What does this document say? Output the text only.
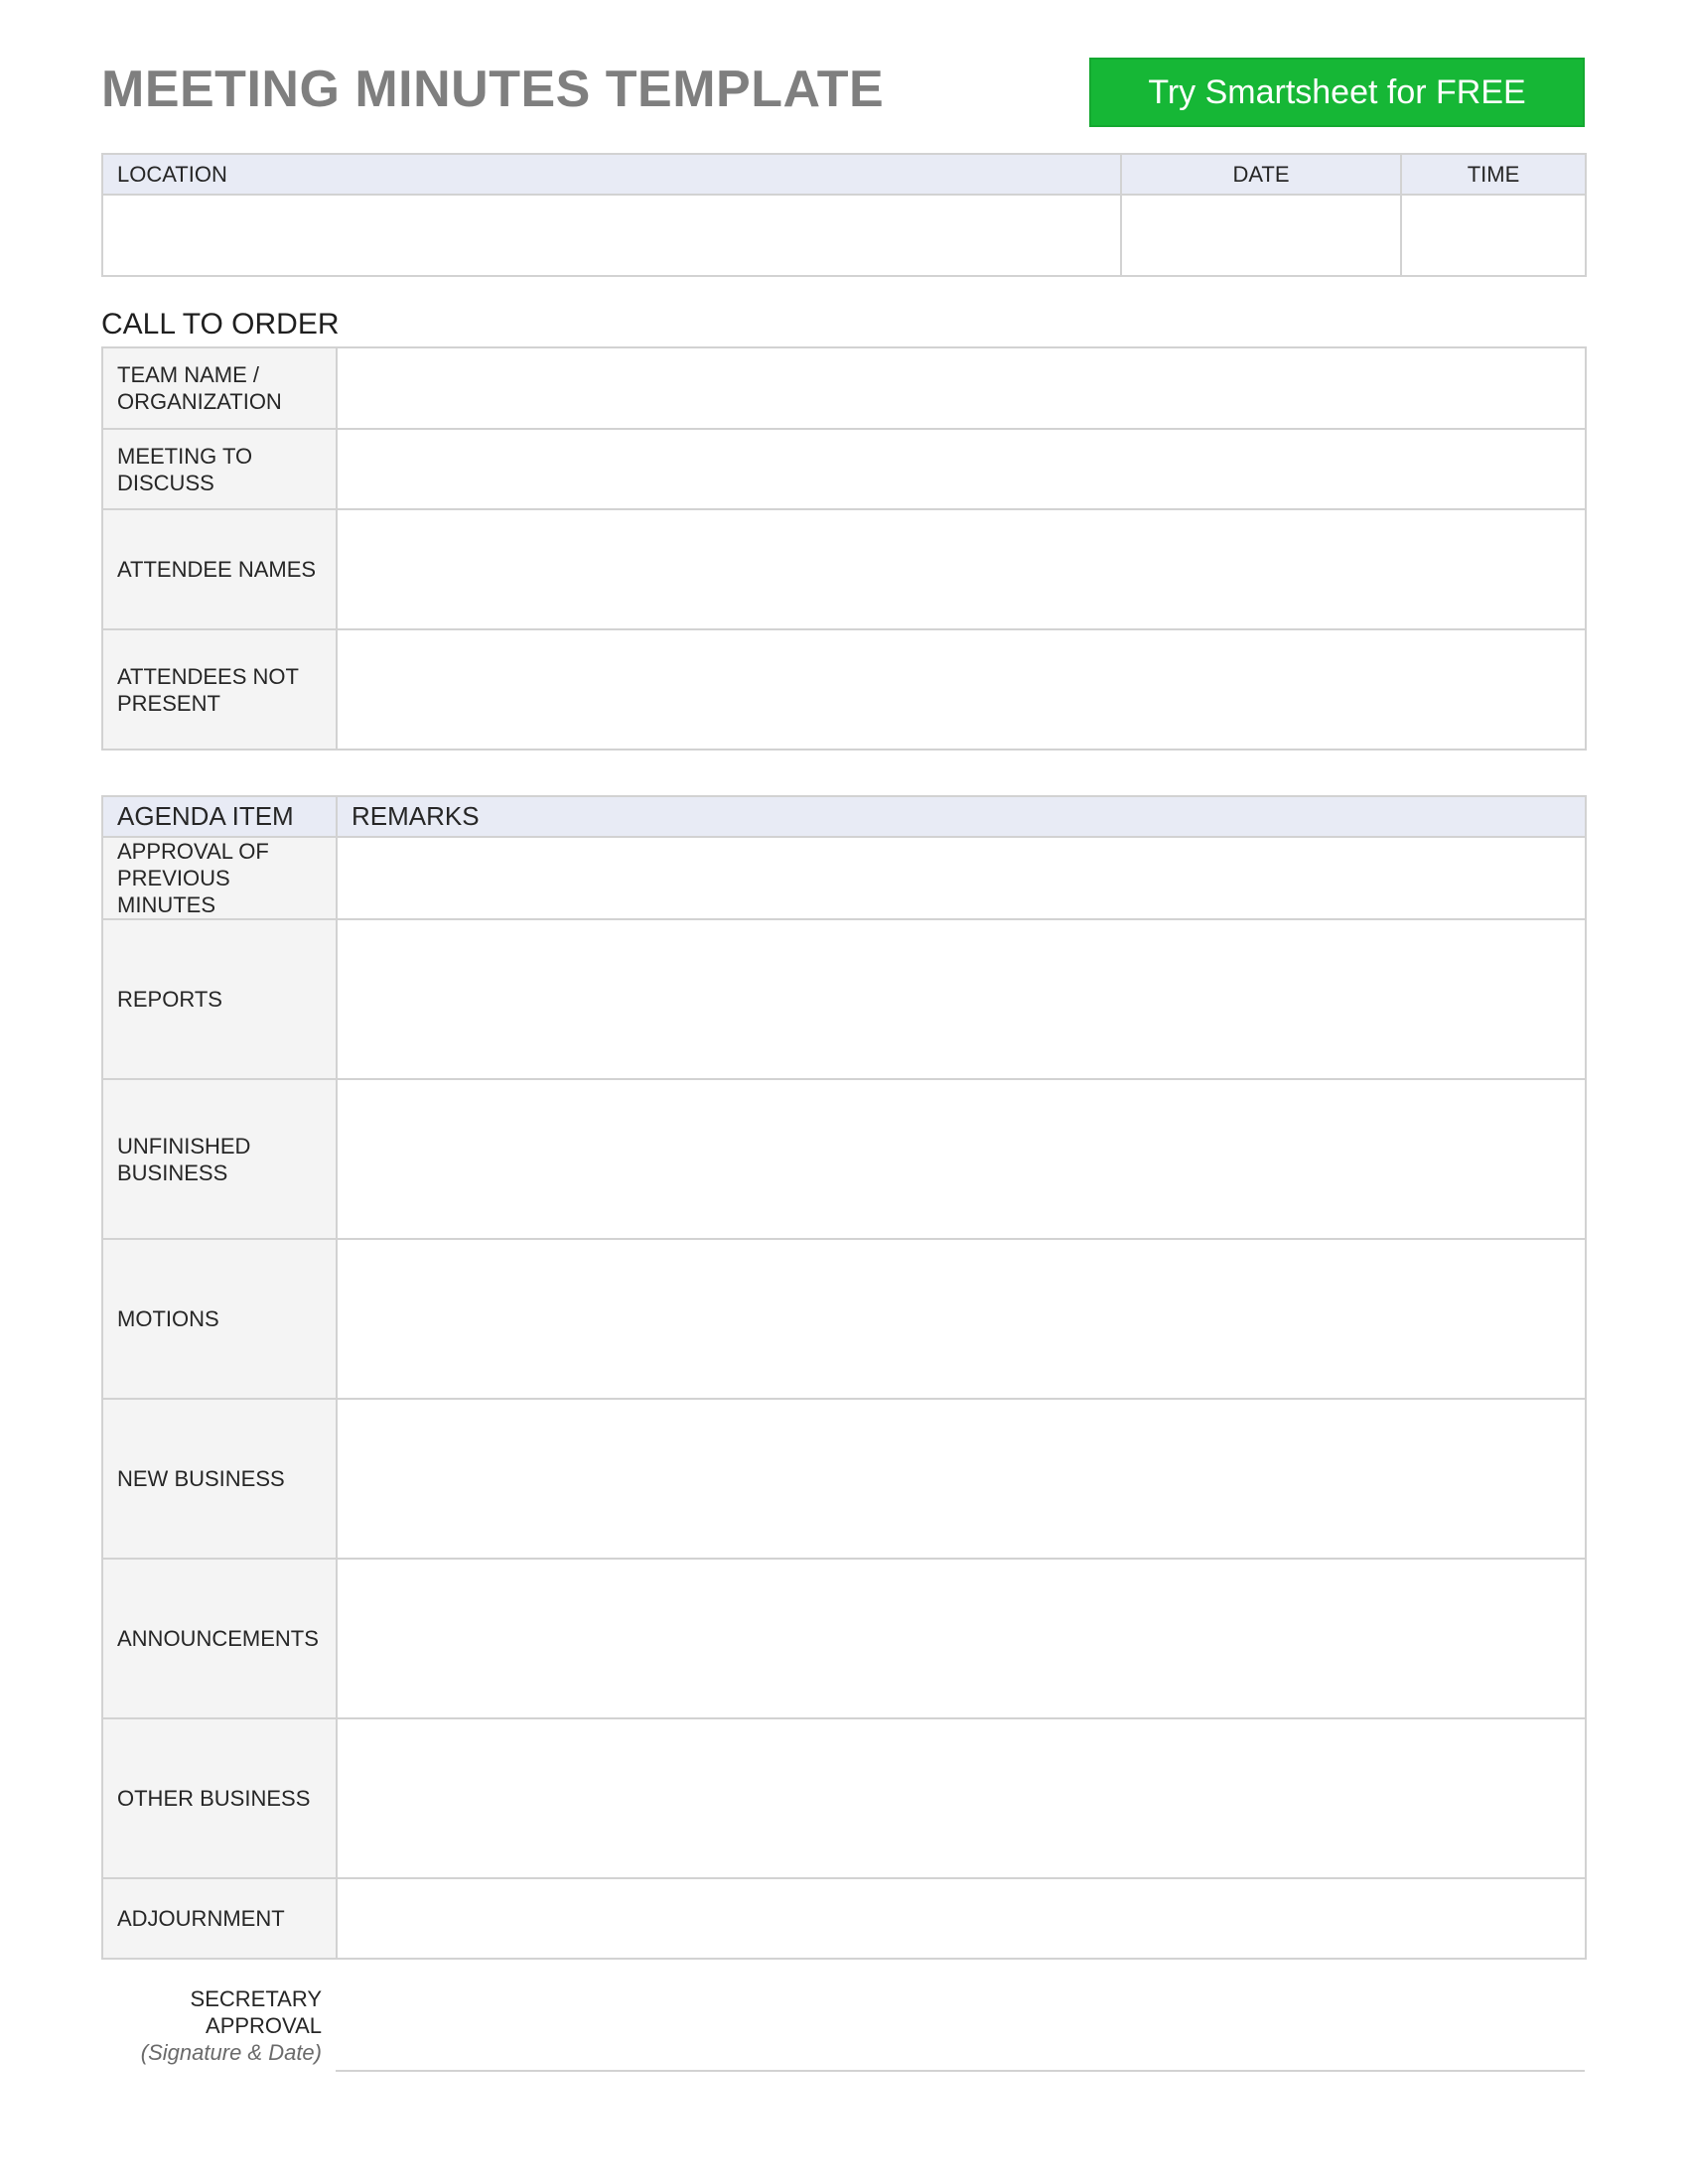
MEETING MINUTES TEMPLATE	Try Smartsheet for FREE
LOCATION	DATE	TIME

CALL TO ORDER
TEAM NAME / ORGANIZATION	
MEETING TO DISCUSS	
ATTENDEE NAMES	
ATTENDEES NOT PRESENT	
AGENDA ITEM	REMARKS
APPROVAL OF PREVIOUS MINUTES	
REPORTS	
UNFINISHED BUSINESS	
MOTIONS	
NEW BUSINESS	
ANNOUNCEMENTS	
OTHER BUSINESS	
ADJOURNMENT	
SECRETARY
APPROVAL
(Signature & Date)
